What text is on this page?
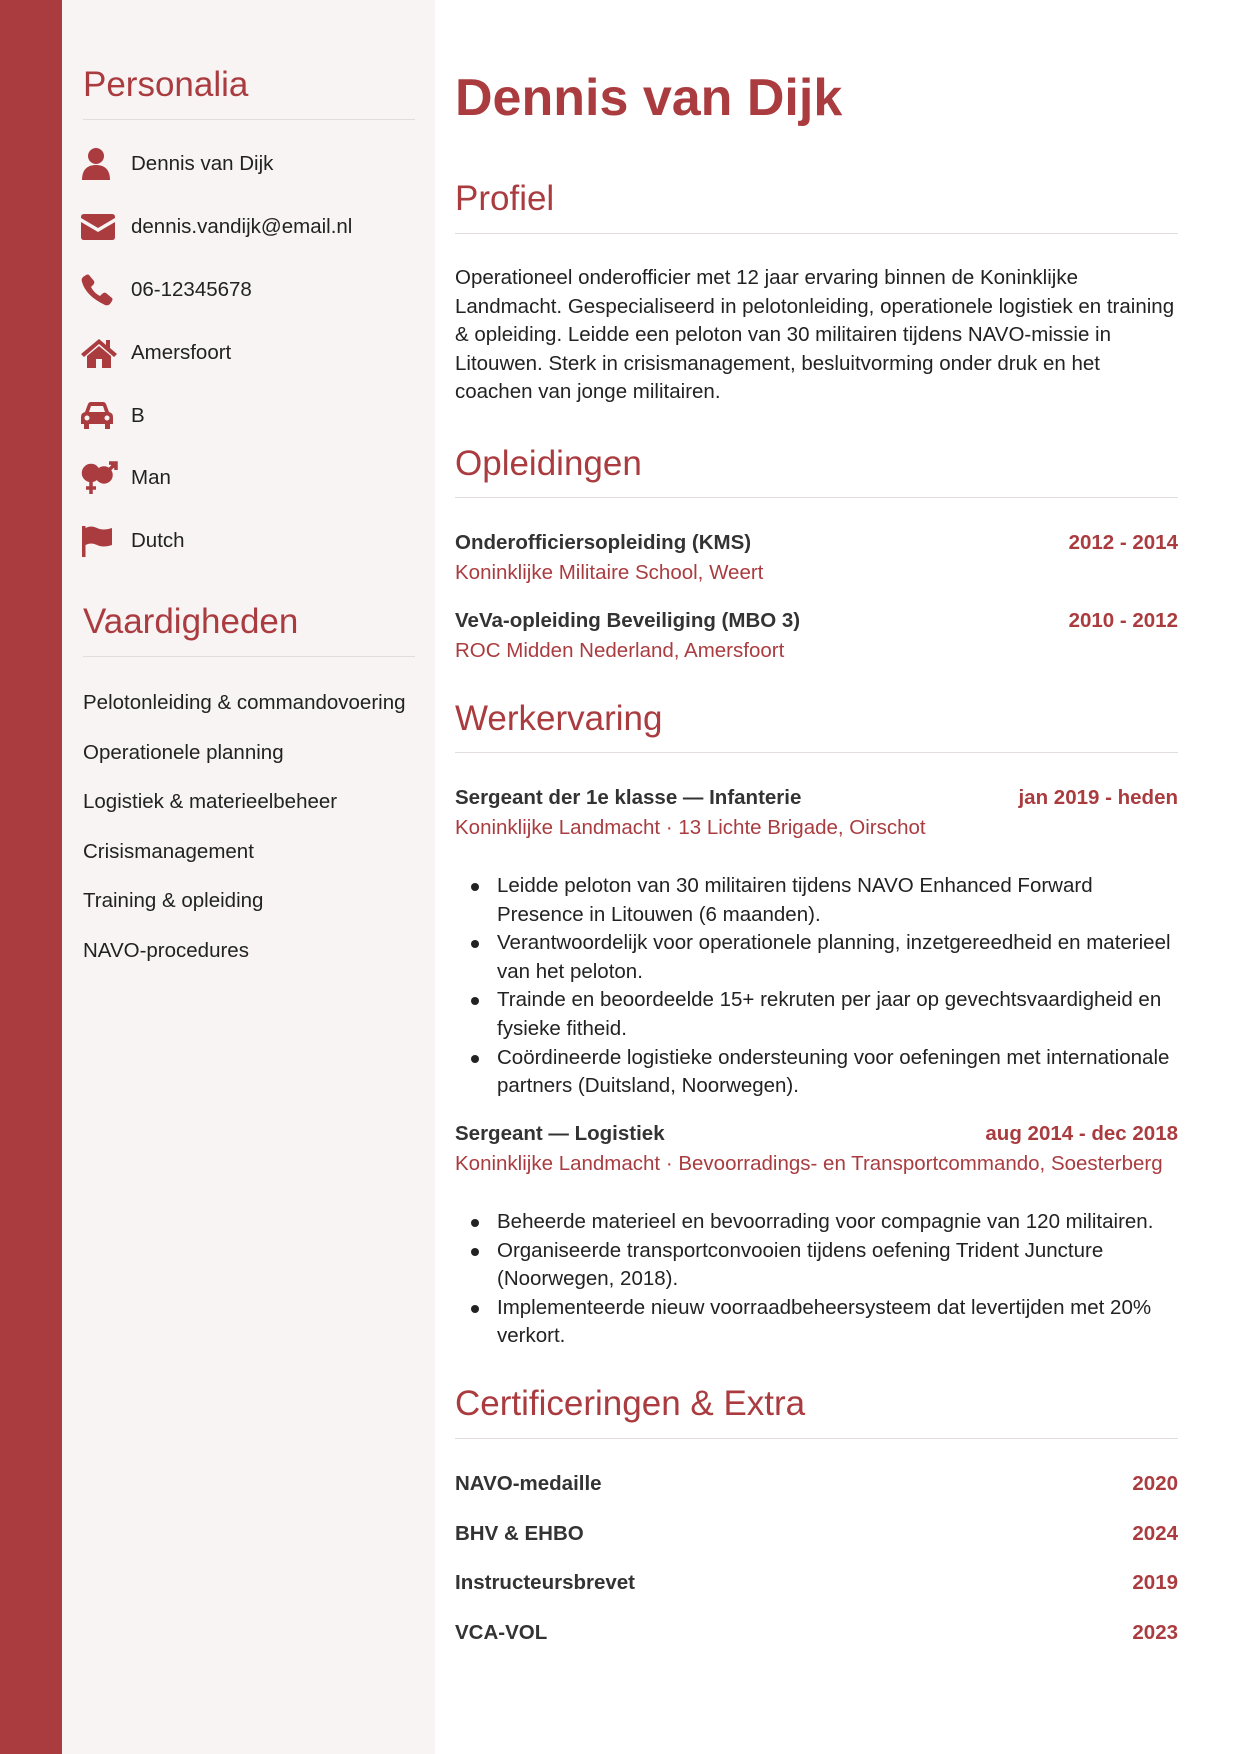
Personalia
Dennis van Dijk
dennis.vandijk@email.nl
06-12345678
Amersfoort
B
Man
Dutch
Vaardigheden
Pelotonleiding & commandovoering
Operationele planning
Logistiek & materieelbeheer
Crisismanagement
Training & opleiding
NAVO-procedures
Dennis van Dijk
Profiel

Operationeel onderofficier met 12 jaar ervaring binnen de Koninklijke Landmacht. Gespecialiseerd in pelotonleiding, operationele logistiek en training & opleiding. Leidde een peloton van 30 militairen tijdens NAVO-missie in Litouwen. Sterk in crisismanagement, besluitvorming onder druk en het coachen van jonge militairen.

Opleidingen
Onderofficiersopleiding (KMS)	2012 - 2014
Koninklijke Militaire School, Weert
VeVa-opleiding Beveiliging (MBO 3)	2010 - 2012
ROC Midden Nederland, Amersfoort
Werkervaring
Sergeant der 1e klasse — Infanterie	jan 2019 - heden
Koninklijke Landmacht · 13 Lichte Brigade, Oirschot
Leidde peloton van 30 militairen tijdens NAVO Enhanced Forward Presence in Litouwen (6 maanden).
Verantwoordelijk voor operationele planning, inzetgereedheid en materieel van het peloton.
Trainde en beoordeelde 15+ rekruten per jaar op gevechtsvaardigheid en fysieke fitheid.
Coördineerde logistieke ondersteuning voor oefeningen met internationale partners (Duitsland, Noorwegen).
Sergeant — Logistiek	aug 2014 - dec 2018
Koninklijke Landmacht · Bevoorradings- en Transportcommando, Soesterberg
Beheerde materieel en bevoorrading voor compagnie van 120 militairen.
Organiseerde transportconvooien tijdens oefening Trident Juncture (Noorwegen, 2018).
Implementeerde nieuw voorraadbeheersysteem dat levertijden met 20% verkort.
Certificeringen & Extra
NAVO-medaille	2020
BHV & EHBO	2024
Instructeursbrevet	2019
VCA-VOL	2023
